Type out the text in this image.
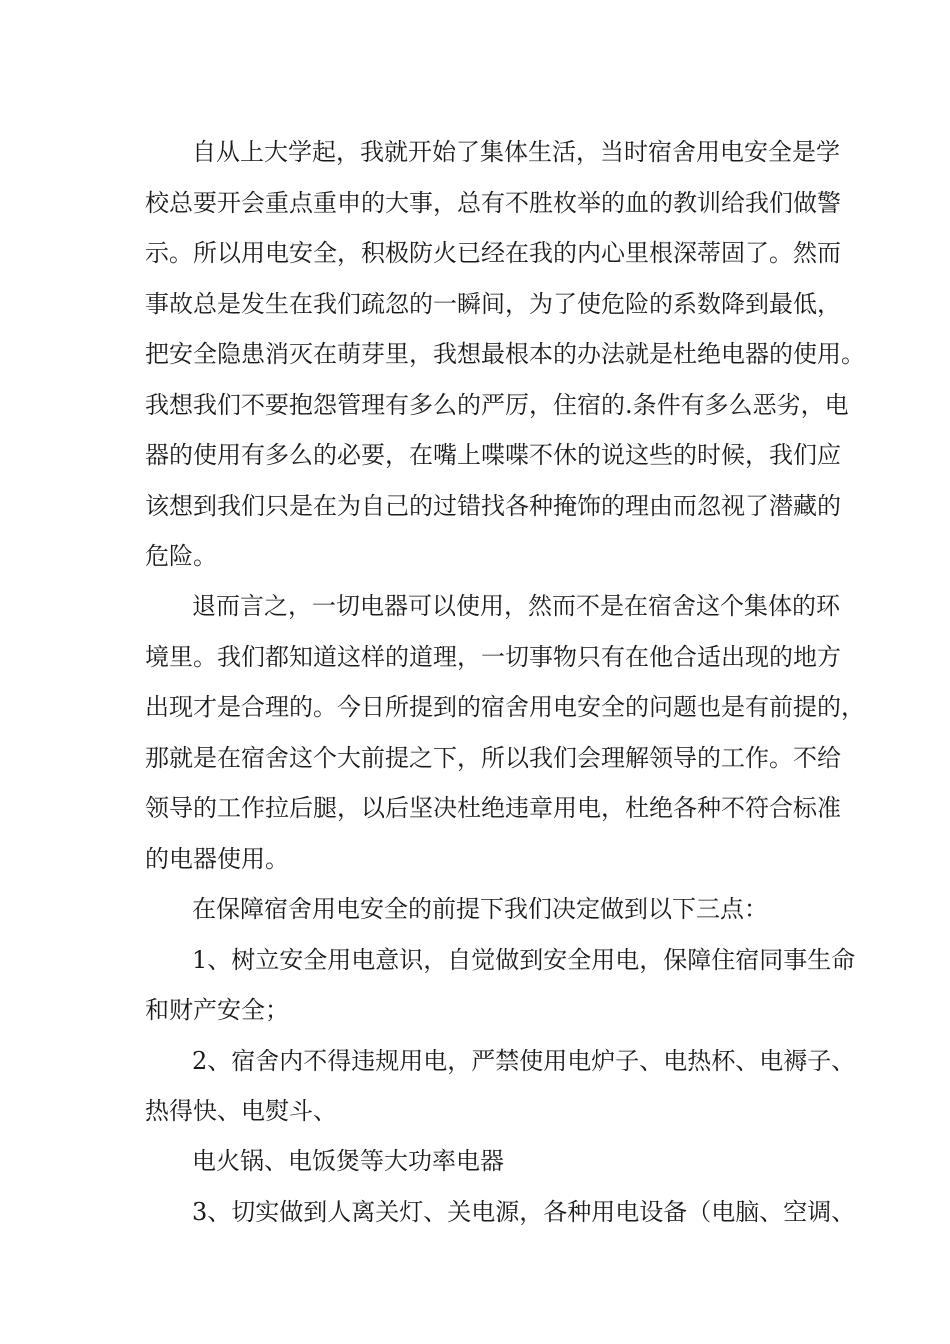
自从上大学起，我就开始了集体生活，当时宿舍用电安全是学

校总要开会重点重申的大事，总有不胜枚举的血的教训给我们做警

示。所以用电安全，积极防火已经在我的内心里根深蒂固了。然而

事故总是发生在我们疏忽的一瞬间，为了使危险的系数降到最低，

把安全隐患消灭在萌芽里，我想最根本的办法就是杜绝电器的使用。

我想我们不要抱怨管理有多么的严厉，住宿的.条件有多么恶劣，电

器的使用有多么的必要，在嘴上喋喋不休的说这些的时候，我们应

该想到我们只是在为自己的过错找各种掩饰的理由而忽视了潜藏的

危险。

退而言之，一切电器可以使用，然而不是在宿舍这个集体的环

境里。我们都知道这样的道理，一切事物只有在他合适出现的地方

出现才是合理的。今日所提到的宿舍用电安全的问题也是有前提的，

那就是在宿舍这个大前提之下，所以我们会理解领导的工作。不给

领导的工作拉后腿，以后坚决杜绝违章用电，杜绝各种不符合标准

的电器使用。

在保障宿舍用电安全的前提下我们决定做到以下三点：

1、树立安全用电意识，自觉做到安全用电，保障住宿同事生命

和财产安全；

2、宿舍内不得违规用电，严禁使用电炉子、电热杯、电褥子、

热得快、电熨斗、

电火锅、电饭煲等大功率电器

3、切实做到人离关灯、关电源，各种用电设备（电脑、空调、
